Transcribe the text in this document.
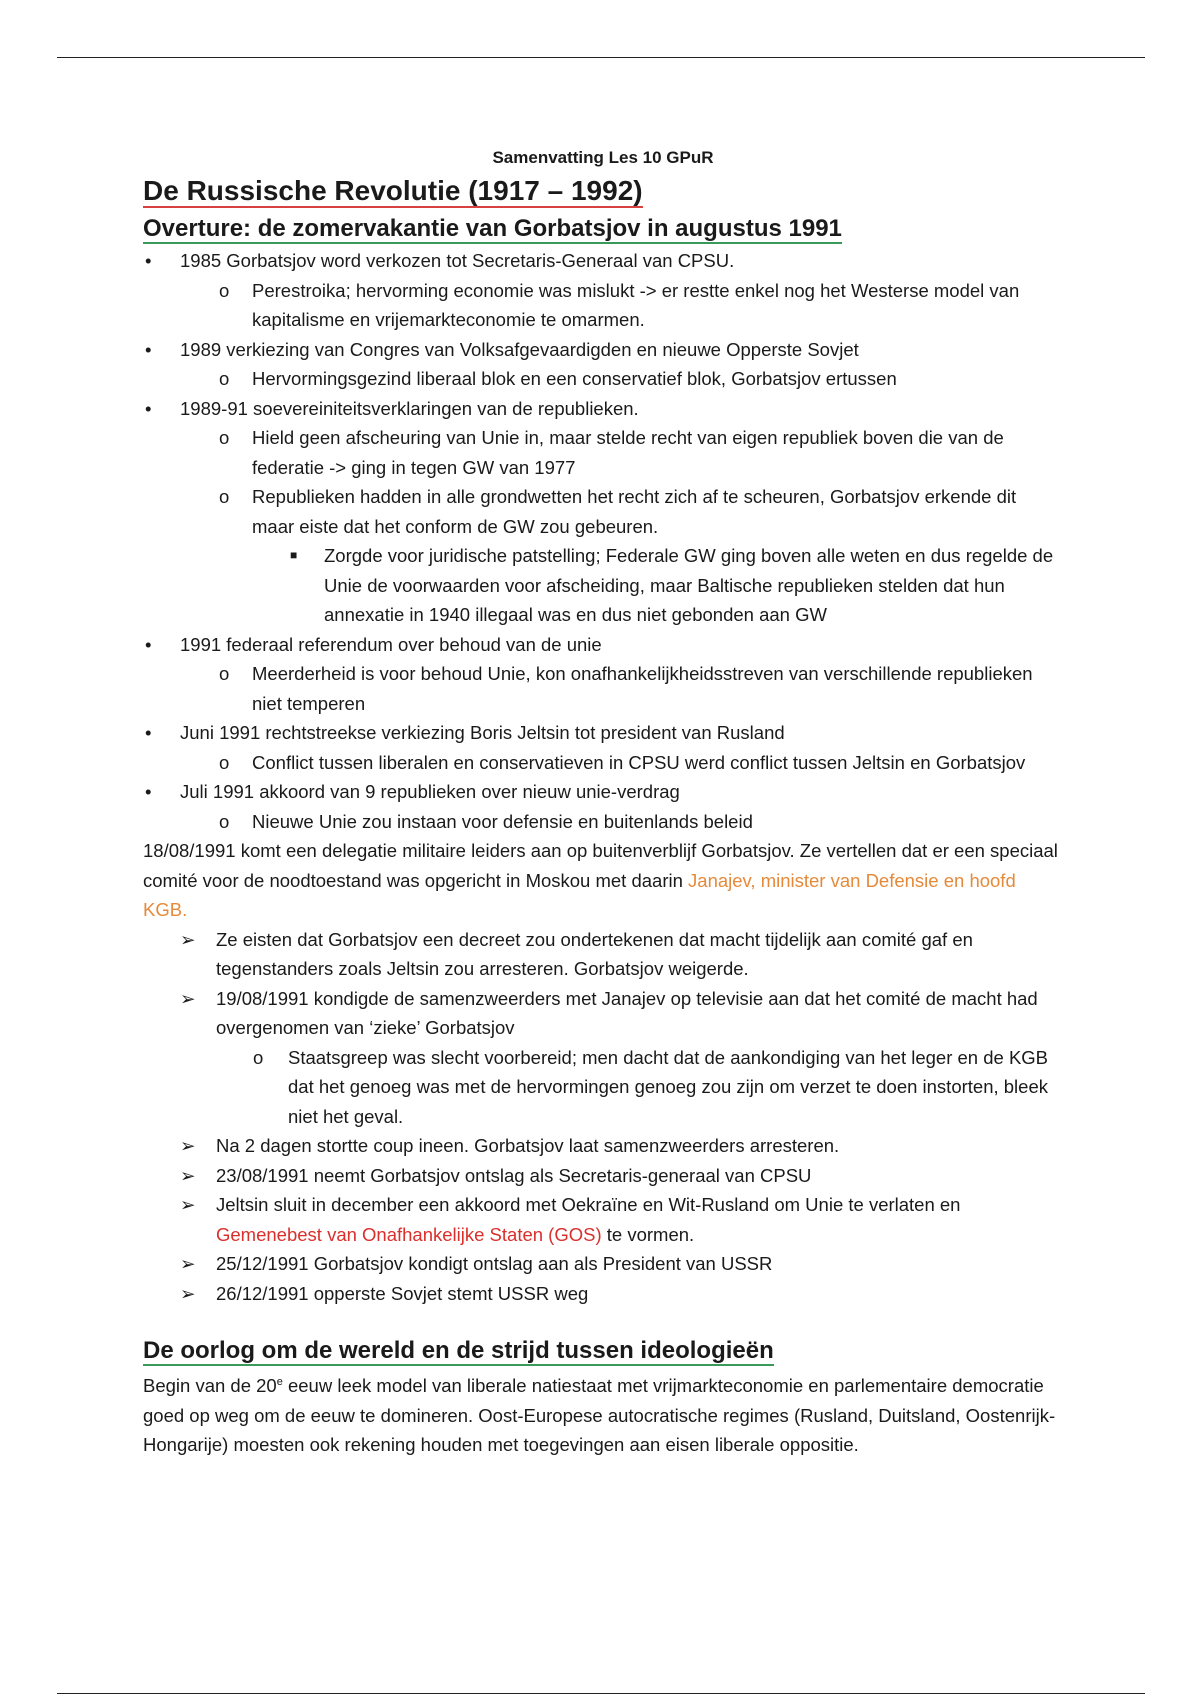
Samenvatting Les 10 GPuR
De Russische Revolutie (1917 – 1992)
Overture: de zomervakantie van Gorbatsjov in augustus 1991
• 1985 Gorbatsjov word verkozen tot Secretaris-Generaal van CPSU.
o Perestroika; hervorming economie was mislukt -> er restte enkel nog het Westerse model van kapitalisme en vrijemarkteconomie te omarmen.
• 1989 verkiezing van Congres van Volksafgevaardigden en nieuwe Opperste Sovjet
o Hervormingsgezind liberaal blok en een conservatief blok, Gorbatsjov ertussen
• 1989-91 soevereiniteitsverklaringen van de republieken.
o Hield geen afscheuring van Unie in, maar stelde recht van eigen republiek boven die van de federatie -> ging in tegen GW van 1977
o Republieken hadden in alle grondwetten het recht zich af te scheuren, Gorbatsjov erkende dit maar eiste dat het conform de GW zou gebeuren.
■ Zorgde voor juridische patstelling; Federale GW ging boven alle weten en dus regelde de Unie de voorwaarden voor afscheiding, maar Baltische republieken stelden dat hun annexatie in 1940 illegaal was en dus niet gebonden aan GW
• 1991 federaal referendum over behoud van de unie
o Meerderheid is voor behoud Unie, kon onafhankelijkheidsstreven van verschillende republieken niet temperen
• Juni 1991 rechtstreekse verkiezing Boris Jeltsin tot president van Rusland
o Conflict tussen liberalen en conservatieven in CPSU werd conflict tussen Jeltsin en Gorbatsjov
• Juli 1991 akkoord van 9 republieken over nieuw unie-verdrag
o Nieuwe Unie zou instaan voor defensie en buitenlands beleid
18/08/1991 komt een delegatie militaire leiders aan op buitenverblijf Gorbatsjov. Ze vertellen dat er een speciaal comité voor de noodtoestand was opgericht in Moskou met daarin Janajev, minister van Defensie en hoofd KGB.
➢ Ze eisten dat Gorbatsjov een decreet zou ondertekenen dat macht tijdelijk aan comité gaf en tegenstanders zoals Jeltsin zou arresteren. Gorbatsjov weigerde.
➢ 19/08/1991 kondigde de samenzweerders met Janajev op televisie aan dat het comité de macht had overgenomen van ‘zieke’ Gorbatsjov
o Staatsgreep was slecht voorbereid; men dacht dat de aankondiging van het leger en de KGB dat het genoeg was met de hervormingen genoeg zou zijn om verzet te doen instorten, bleek niet het geval.
➢ Na 2 dagen stortte coup ineen. Gorbatsjov laat samenzweerders arresteren.
➢ 23/08/1991 neemt Gorbatsjov ontslag als Secretaris-generaal van CPSU
➢ Jeltsin sluit in december een akkoord met Oekraïne en Wit-Rusland om Unie te verlaten en Gemenebest van Onafhankelijke Staten (GOS) te vormen.
➢ 25/12/1991 Gorbatsjov kondigt ontslag aan als President van USSR
➢ 26/12/1991 opperste Sovjet stemt USSR weg
De oorlog om de wereld en de strijd tussen ideologieën
Begin van de 20e eeuw leek model van liberale natiestaat met vrijmarkteconomie en parlementaire democratie goed op weg om de eeuw te domineren. Oost-Europese autocratische regimes (Rusland, Duitsland, Oostenrijk-Hongarije) moesten ook rekening houden met toegevingen aan eisen liberale oppositie.
